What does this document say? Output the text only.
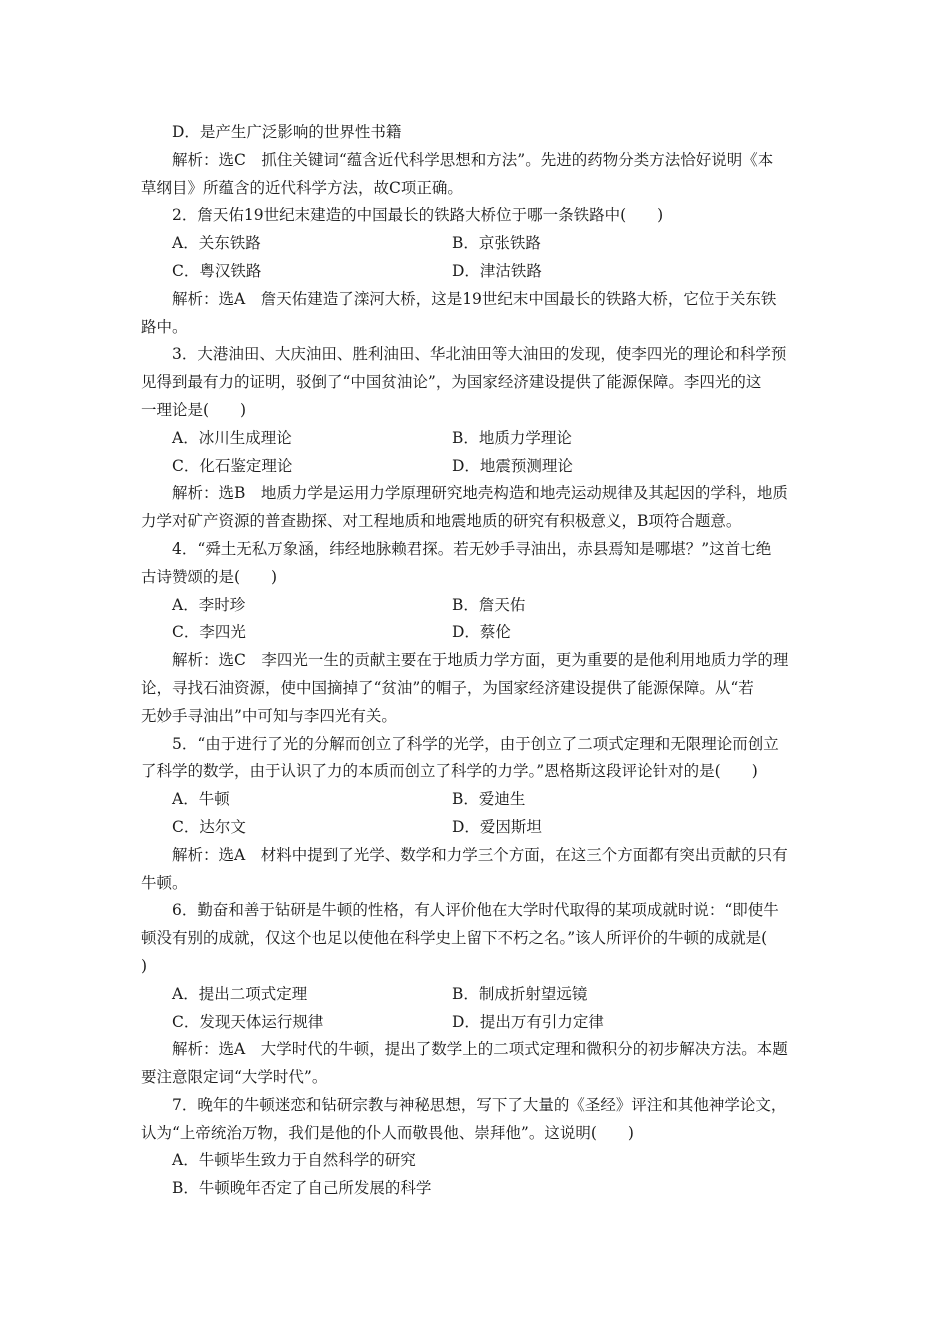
D．是产生广泛影响的世界性书籍
解析：选C　抓住关键词“蕴含近代科学思想和方法”。先进的药物分类方法恰好说明《本
草纲目》所蕴含的近代科学方法，故C项正确。
2．詹天佑19世纪末建造的中国最长的铁路大桥位于哪一条铁路中(　　)
A．关东铁路	B．京张铁路
C．粤汉铁路	D．津沽铁路
解析：选A　詹天佑建造了滦河大桥，这是19世纪末中国最长的铁路大桥，它位于关东铁
路中。
3．大港油田、大庆油田、胜利油田、华北油田等大油田的发现，使李四光的理论和科学预
见得到最有力的证明，驳倒了“中国贫油论”，为国家经济建设提供了能源保障。李四光的这
一理论是(　　)
A．冰川生成理论	B．地质力学理论
C．化石鉴定理论	D．地震预测理论
解析：选B　地质力学是运用力学原理研究地壳构造和地壳运动规律及其起因的学科，地质
力学对矿产资源的普查勘探、对工程地质和地震地质的研究有积极意义，B项符合题意。
4．“舜土无私万象涵，纬经地脉赖君探。若无妙手寻油出，赤县焉知是哪堪？”这首七绝
古诗赞颂的是(　　)
A．李时珍	B．詹天佑
C．李四光	D．蔡伦
解析：选C　李四光一生的贡献主要在于地质力学方面，更为重要的是他利用地质力学的理
论，寻找石油资源，使中国摘掉了“贫油”的帽子，为国家经济建设提供了能源保障。从“若
无妙手寻油出”中可知与李四光有关。
5．“由于进行了光的分解而创立了科学的光学，由于创立了二项式定理和无限理论而创立
了科学的数学，由于认识了力的本质而创立了科学的力学。”恩格斯这段评论针对的是(　　)
A．牛顿	B．爱迪生
C．达尔文	D．爱因斯坦
解析：选A　材料中提到了光学、数学和力学三个方面，在这三个方面都有突出贡献的只有
牛顿。
6．勤奋和善于钻研是牛顿的性格，有人评价他在大学时代取得的某项成就时说：“即使牛
顿没有别的成就，仅这个也足以使他在科学史上留下不朽之名。”该人所评价的牛顿的成就是(
)
A．提出二项式定理	B．制成折射望远镜
C．发现天体运行规律	D．提出万有引力定律
解析：选A　大学时代的牛顿，提出了数学上的二项式定理和微积分的初步解决方法。本题
要注意限定词“大学时代”。
7．晚年的牛顿迷恋和钻研宗教与神秘思想，写下了大量的《圣经》评注和其他神学论文，
认为“上帝统治万物，我们是他的仆人而敬畏他、崇拜他”。这说明(　　)
A．牛顿毕生致力于自然科学的研究
B．牛顿晚年否定了自己所发展的科学
